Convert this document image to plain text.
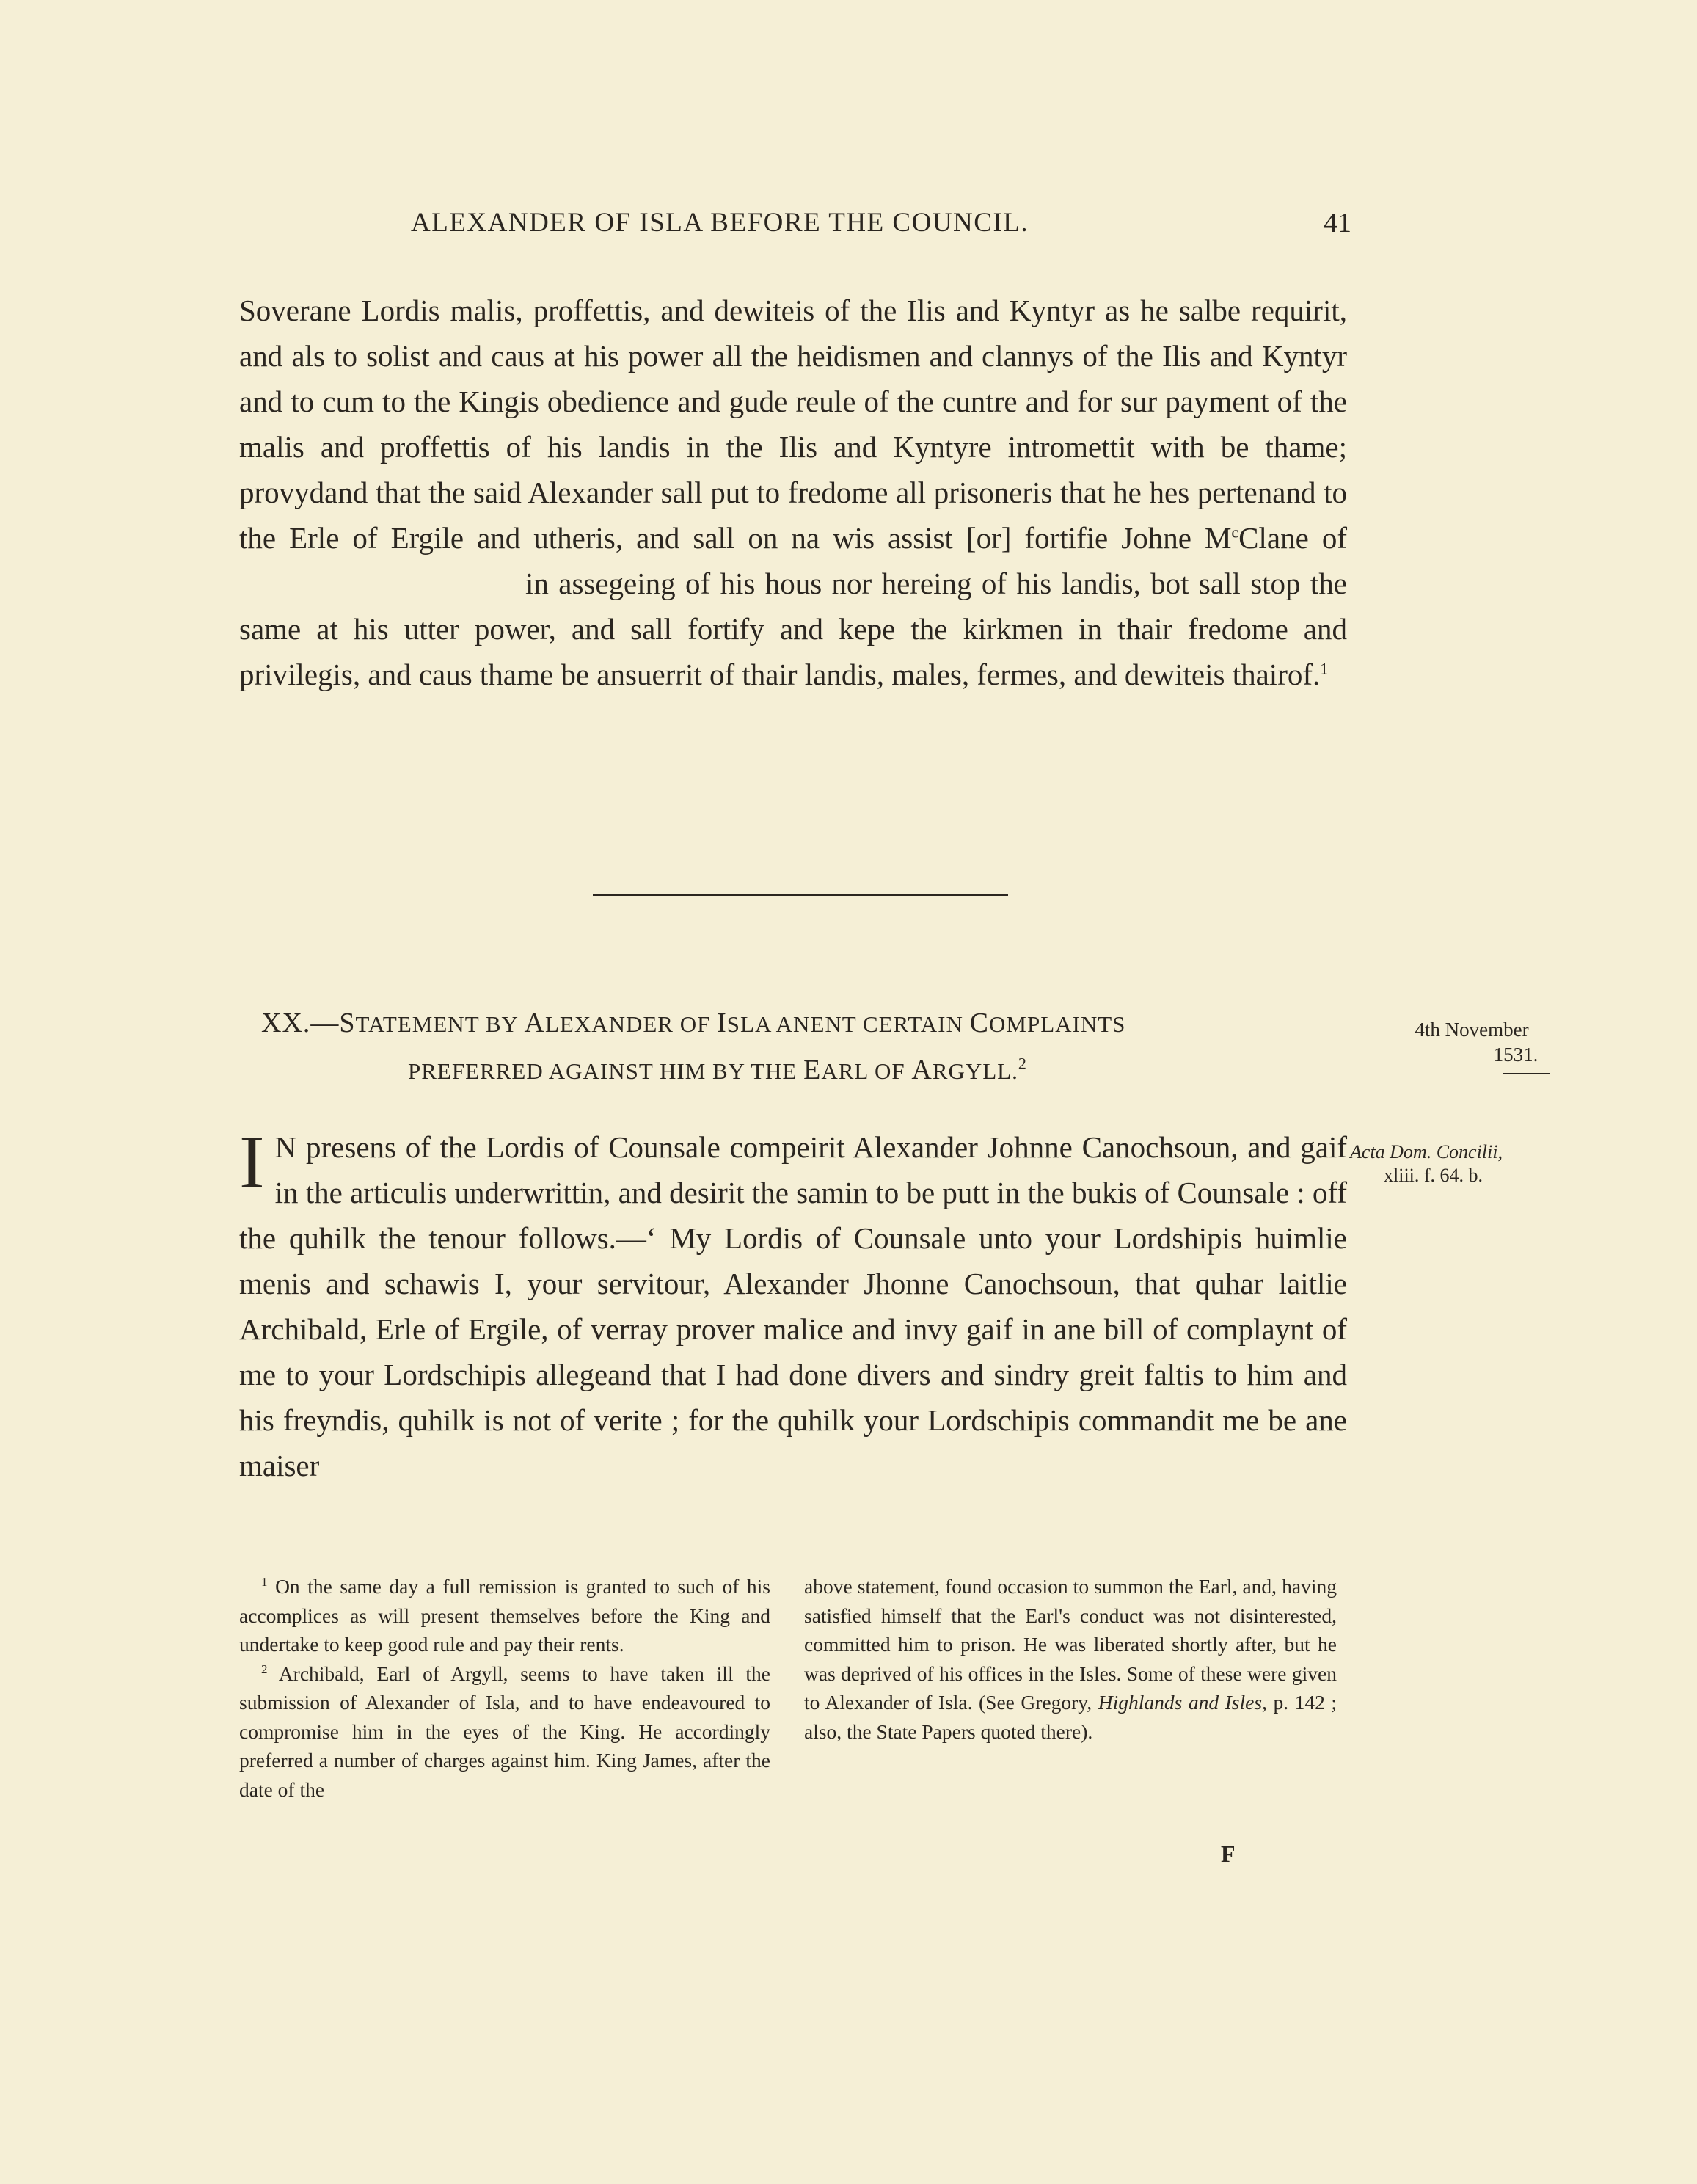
ALEXANDER OF ISLA BEFORE THE COUNCIL.	41

Soverane Lordis malis, proffettis, and dewiteis of the Ilis and Kyntyr as he salbe requirit, and als to solist and caus at his power all the heidismen and clannys of the Ilis and Kyntyr and to cum to the Kingis obedience and gude reule of the cuntre and for sur payment of the malis and proffettis of his landis in the Ilis and Kyntyre intromettit with be thame; provydand that the said Alexander sall put to fredome all prisoneris that he hes pertenand to the Erle of Ergile and utheris, and sall on na wis assist [or] fortifie Johne $M^cClane$ ofin assegeing of his hous nor hereing of his landis, bot sall stop the same at his utter power, and sall fortify and kepe the kirkmen in thair fredome and privilegis, and caus thame be ansuerrit of thair landis, males, fermes, and dewiteis thairof.$^1$

XX.—STATEMENT BY ALEXANDER OF ISLA ANENT CERTAIN COMPLAINTS
PREFERRED AGAINST HIM BY THE EARL OF ARGYLL.$^2$
4th November
1531.
Acta Dom. Concilii,
xliii. f. 64. b.

I N presens of the Lordis of Counsale compeirit Alexander Johnne Canochsoun, and gaif in the articulis underwrittin, and desirit the samin to be putt in the bukis of Counsale : off the quhilk the tenour follows.—‘ My Lordis of Counsale unto your Lordshipis huimlie menis and schawis I, your servitour, Alexander Jhonne Canochsoun, that quhar laitlie Archibald, Erle of Ergile, of verray prover malice and invy gaif in ane bill of complaynt of me to your Lordschipis allegeand that I had done divers and sindry greit faltis to him and his freyndis, quhilk is not of verite ; for the quhilk your Lordschipis commandit me be ane maiser

$^1$ On the same day a full remission is granted to such of his accomplices as will present themselves before the King and undertake to keep good rule and pay their rents.

$^2$ Archibald, Earl of Argyll, seems to have taken ill the submission of Alexander of Isla, and to have endeavoured to compromise him in the eyes of the King. He accordingly preferred a number of charges against him. King James, after the date of the

above statement, found occasion to summon the Earl, and, having satisfied himself that the Earl's conduct was not disinterested, committed him to prison. He was liberated shortly after, but he was deprived of his offices in the Isles. Some of these were given to Alexander of Isla. (See Gregory, Highlands and Isles, p. 142 ; also, the State Papers quoted there).

F
